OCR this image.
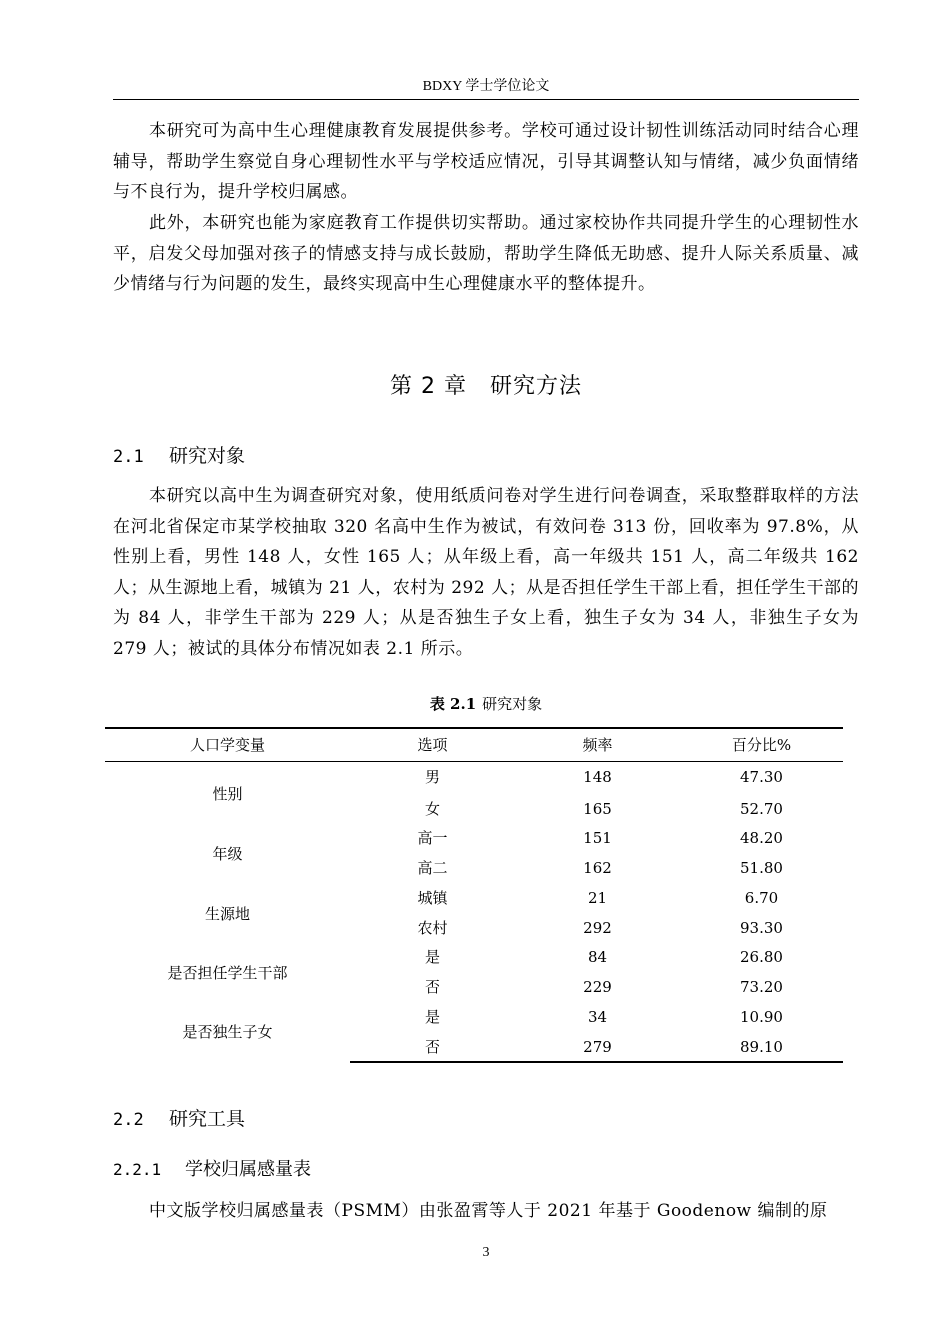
BDXY 学士学位论文

本研究可为高中生心理健康教育发展提供参考。学校可通过设计韧性训练活动同时结合心理辅导，帮助学生察觉自身心理韧性水平与学校适应情况，引导其调整认知与情绪，减少负面情绪与不良行为，提升学校归属感。

此外，本研究也能为家庭教育工作提供切实帮助。通过家校协作共同提升学生的心理韧性水平，启发父母加强对孩子的情感支持与成长鼓励，帮助学生降低无助感、提升人际关系质量、减少情绪与行为问题的发生，最终实现高中生心理健康水平的整体提升。

第 2 章　研究方法
2.1 研究对象

本研究以高中生为调查研究对象，使用纸质问卷对学生进行问卷调查，采取整群取样的方法在河北省保定市某学校抽取 320 名高中生作为被试，有效问卷 313 份，回收率为 97.8%，从性别上看，男性 148 人，女性 165 人；从年级上看，高一年级共 151 人，高二年级共 162 人；从生源地上看，城镇为 21 人，农村为 292 人；从是否担任学生干部上看，担任学生干部的为 84 人，非学生干部为 229 人；从是否独生子女上看，独生子女为 34 人，非独生子女为 279 人；被试的具体分布情况如表 2.1 所示。

表 2.1 研究对象
人口学变量	选项	频率	百分比%
性别
男	148	47.30
女	165	52.70
年级
高一	151	48.20
高二	162	51.80
生源地
城镇	21	6.70
农村	292	93.30
是否担任学生干部
是	84	26.80
否	229	73.20
是否独生子女
是	34	10.90
否	279	89.10
2.2 研究工具
2.2.1 学校归属感量表

中文版学校归属感量表（PSMM）由张盈霄等人于 2021 年基于 Goodenow 编制的原

3
